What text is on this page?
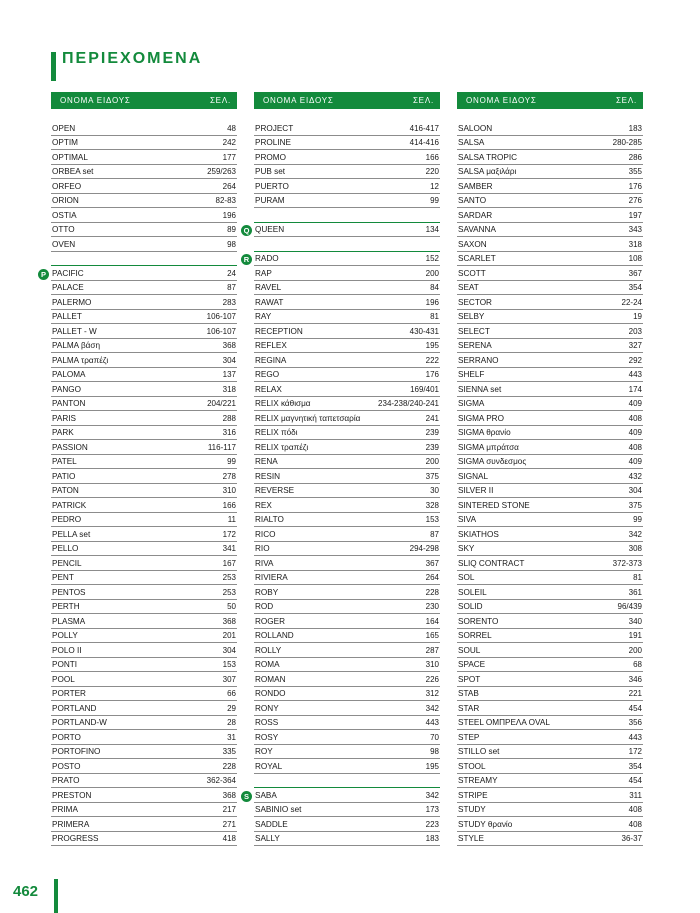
ΠΕΡΙΕΧΟΜΕΝΑ
ΟΝΟΜΑ ΕΙΔΟΥΣ	ΣΕΛ.
OPEN	48
OPTIM	242
OPTIMAL	177
ORBEA set	259/263
ORFEO	264
ORION	82-83
OSTIA	196
OTTO	89
OVEN	98
P PACIFIC	24
PALACE	87
PALERMO	283
PALLET	106-107
PALLET - W	106-107
PALMA βάση	368
PALMA τραπέζι	304
PALOMA	137
PANGO	318
PANTON	204/221
PARIS	288
PARK	316
PASSION	116-117
PATEL	99
PATIO	278
PATON	310
PATRICK	166
PEDRO	11
PELLA set	172
PELLO	341
PENCIL	167
PENT	253
PENTOS	253
PERTH	50
PLASMA	368
POLLY	201
POLO II	304
PONTI	153
POOL	307
PORTER	66
PORTLAND	29
PORTLAND-W	28
PORTO	31
PORTOFINO	335
POSTO	228
PRATO	362-364
PRESTON	368
PRIMA	217
PRIMERA	271
PROGRESS	418
ΟΝΟΜΑ ΕΙΔΟΥΣ	ΣΕΛ.
PROJECT	416-417
PROLINE	414-416
PROMO	166
PUB set	220
PUERTO	12
PURAM	99
Q QUEEN	134
R RADO	152
RAP	200
RAVEL	84
RAWAT	196
RAY	81
RECEPTION	430-431
REFLEX	195
REGINA	222
REGO	176
RELAX	169/401
RELIX κάθισμα	234-238/240-241
RELIX μαγνητική ταπετσαρία	241
RELIX πόδι	239
RELIX τραπέζι	239
RENA	200
RESIN	375
REVERSE	30
REX	328
RIALTO	153
RICO	87
RIO	294-298
RIVA	367
RIVIERA	264
ROBY	228
ROD	230
ROGER	164
ROLLAND	165
ROLLY	287
ROMA	310
ROMAN	226
RONDO	312
RONY	342
ROSS	443
ROSY	70
ROY	98
ROYAL	195
S SABA	342
SABINIO set	173
SADDLE	223
SALLY	183
ΟΝΟΜΑ ΕΙΔΟΥΣ	ΣΕΛ.
SALOON	183
SALSA	280-285
SALSA TROPIC	286
SALSA μαξιλάρι	355
SAMBER	176
SANTO	276
SARDAR	197
SAVANNA	343
SAXON	318
SCARLET	108
SCOTT	367
SEAT	354
SECTOR	22-24
SELBY	19
SELECT	203
SERENA	327
SERRANO	292
SHELF	443
SIENNA set	174
SIGMA	409
SIGMA PRO	408
SIGMA θρανίο	409
SIGMA μπράτσα	408
SIGMA συνδεσμος	409
SIGNAL	432
SILVER II	304
SINTERED STONE	375
SIVA	99
SKIATHOS	342
SKY	308
SLIQ CONTRACT	372-373
SOL	81
SOLEIL	361
SOLID	96/439
SORENTO	340
SORREL	191
SOUL	200
SPACE	68
SPOT	346
STAB	221
STAR	454
STEEL ΟΜΠΡΕΛΑ OVAL	356
STEP	443
STILLO set	172
STOOL	354
STREAMY	454
STRIPE	311
STUDY	408
STUDY θρανίο	408
STYLE	36-37
462
